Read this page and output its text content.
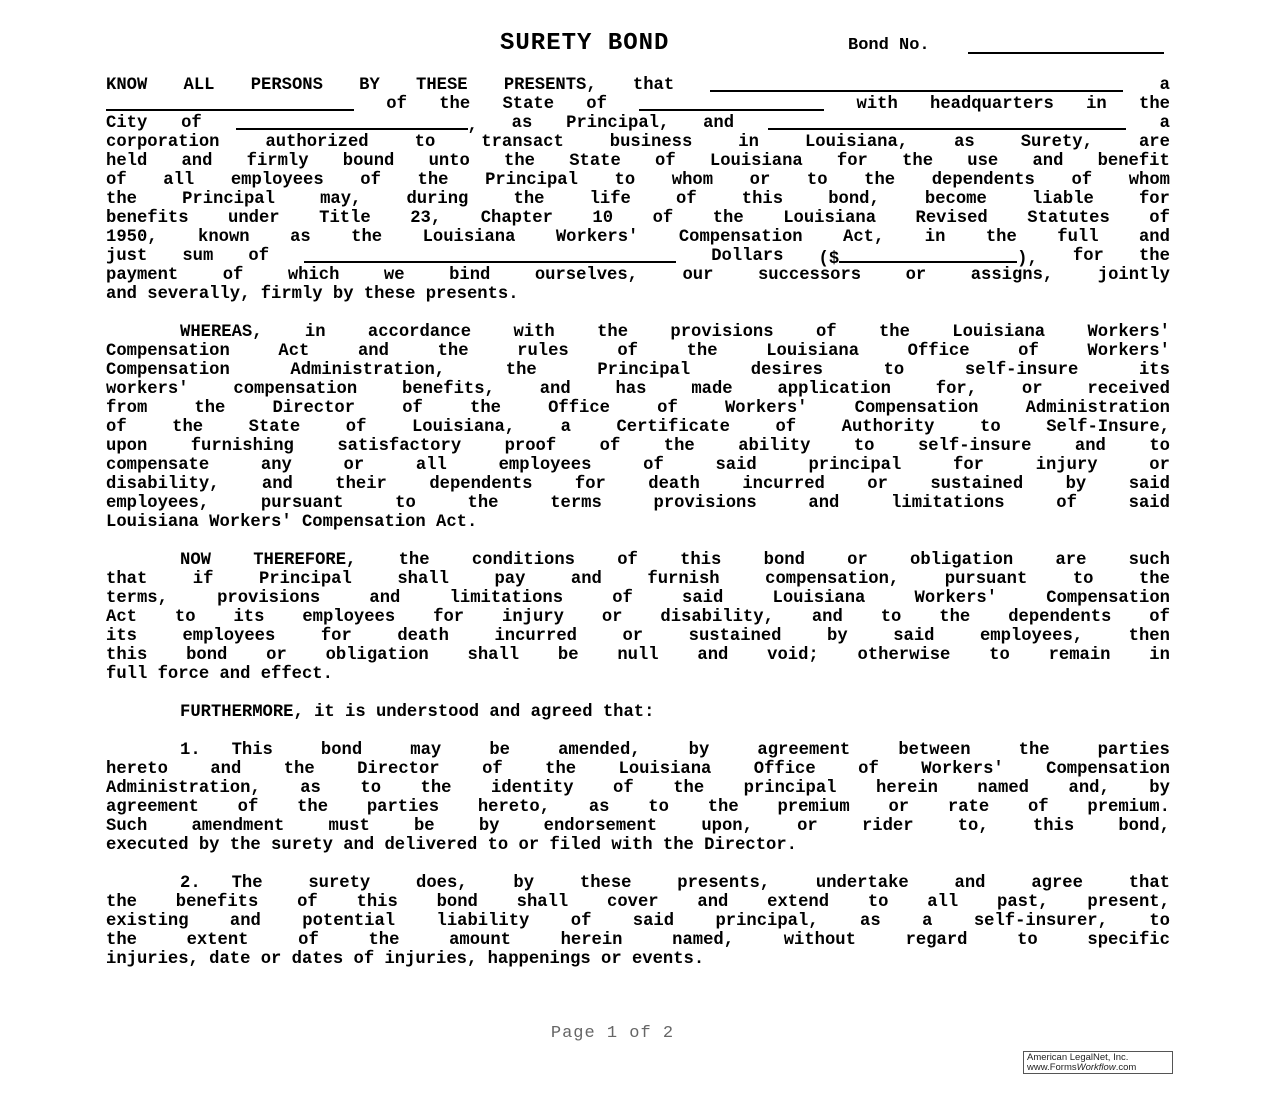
SURETY BOND	Bond No.
KNOW ALL PERSONS BY THESE PRESENTS, that	a
of the State of	with headquarters in the
City of	, as Principal, and	a
corporation	authorized	to	transact	business	in	Louisiana,	as	Surety,	are
held and firmly bound unto the State of Louisiana for the use and benefit
of all employees of the Principal to whom or to the dependents of whom
the	Principal	may,	during	the	life	of	this	bond,	become	liable	for
benefits under Title 23, Chapter 10 of the Louisiana Revised Statutes of
1950, known as the Louisiana Workers' Compensation Act, in the full and
just sum of	Dollars ($	), for the
payment	of	which	we	bind	ourselves,	our	successors	or	assigns,	jointly
and severally, firmly by these presents.
WHEREAS, in accordance with the provisions of the Louisiana Workers'
Compensation	Act	and	the	rules	of	the	Louisiana	Office	of	Workers'
Compensation	Administration,	the	Principal	desires	to	self-insure	its
workers'	compensation	benefits,	and	has	made	application	for,	or	received
from	the	Director	of	the	Office	of	Workers'	Compensation	Administration
of	the	State	of	Louisiana,	a	Certificate	of	Authority	to	Self-Insure,
upon	furnishing	satisfactory	proof	of	the	ability	to	self-insure	and	to
compensate	any	or	all	employees	of	said	principal	for	injury	or
disability, and their dependents for death incurred or sustained by said
employees,	pursuant	to	the	terms	provisions	and	limitations	of	said
Louisiana Workers' Compensation Act.
NOW THEREFORE, the conditions of this bond or obligation are such
that	if	Principal	shall	pay	and	furnish	compensation,	pursuant	to	the
terms,	provisions	and	limitations	of	said	Louisiana	Workers'	Compensation
Act to its employees for injury or disability, and to the dependents of
its	employees	for	death	incurred	or	sustained	by	said	employees,	then
this bond or obligation shall be null and void; otherwise to remain in
full force and effect.
FURTHERMORE, it is understood and agreed that:
1.   This	bond	may	be	amended,	by	agreement	between	the	parties
hereto and the Director of the Louisiana Office of Workers' Compensation
Administration, as to the identity of the principal herein named and, by
agreement of the parties hereto, as to the premium or rate of premium.
Such	amendment	must	be	by	endorsement	upon,	or	rider	to,	this	bond,
executed by the surety and delivered to or filed with the Director.
2.   The	surety	does,	by	these	presents,	undertake	and	agree	that
the benefits of this bond shall cover and extend to all past, present,
existing and potential liability of said principal, as a self-insurer, to
the	extent	of	the	amount	herein	named,	without	regard	to	specific
injuries, date or dates of injuries, happenings or events.
Page 1 of 2
American LegalNet, Inc.
www.FormsWorkflow.com
